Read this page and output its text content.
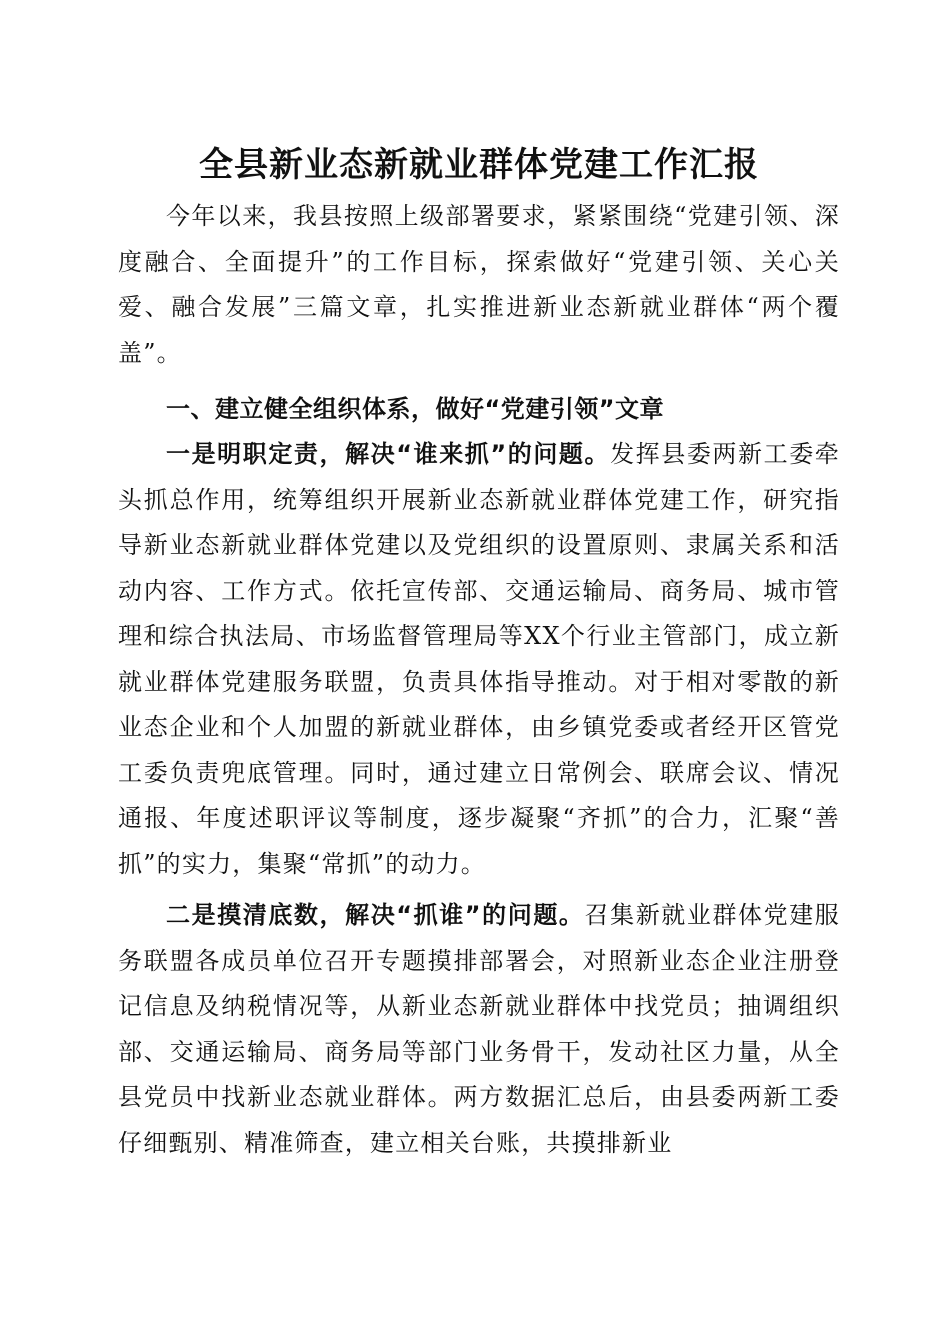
全县新业态新就业群体党建工作汇报

今年以来，我县按照上级部署要求，紧紧围绕“党建引领、深度融合、全面提升”的工作目标，探索做好“党建引领、关心关爱、融合发展”三篇文章，扎实推进新业态新就业群体“两个覆盖”。

一、建立健全组织体系，做好“党建引领”文章

一是明职定责，解决“谁来抓”的问题。发挥县委两新工委牵头抓总作用，统筹组织开展新业态新就业群体党建工作，研究指导新业态新就业群体党建以及党组织的设置原则、隶属关系和活动内容、工作方式。依托宣传部、交通运输局、商务局、城市管理和综合执法局、市场监督管理局等XX个行业主管部门，成立新就业群体党建服务联盟，负责具体指导推动。对于相对零散的新业态企业和个人加盟的新就业群体，由乡镇党委或者经开区管党工委负责兜底管理。同时，通过建立日常例会、联席会议、情况通报、年度述职评议等制度，逐步凝聚“齐抓”的合力，汇聚“善抓”的实力，集聚“常抓”的动力。

二是摸清底数，解决“抓谁”的问题。召集新就业群体党建服务联盟各成员单位召开专题摸排部署会，对照新业态企业注册登记信息及纳税情况等，从新业态新就业群体中找党员；抽调组织部、交通运输局、商务局等部门业务骨干，发动社区力量，从全县党员中找新业态就业群体。两方数据汇总后，由县委两新工委仔细甄别、精准筛查，建立相关台账，共摸排新业
